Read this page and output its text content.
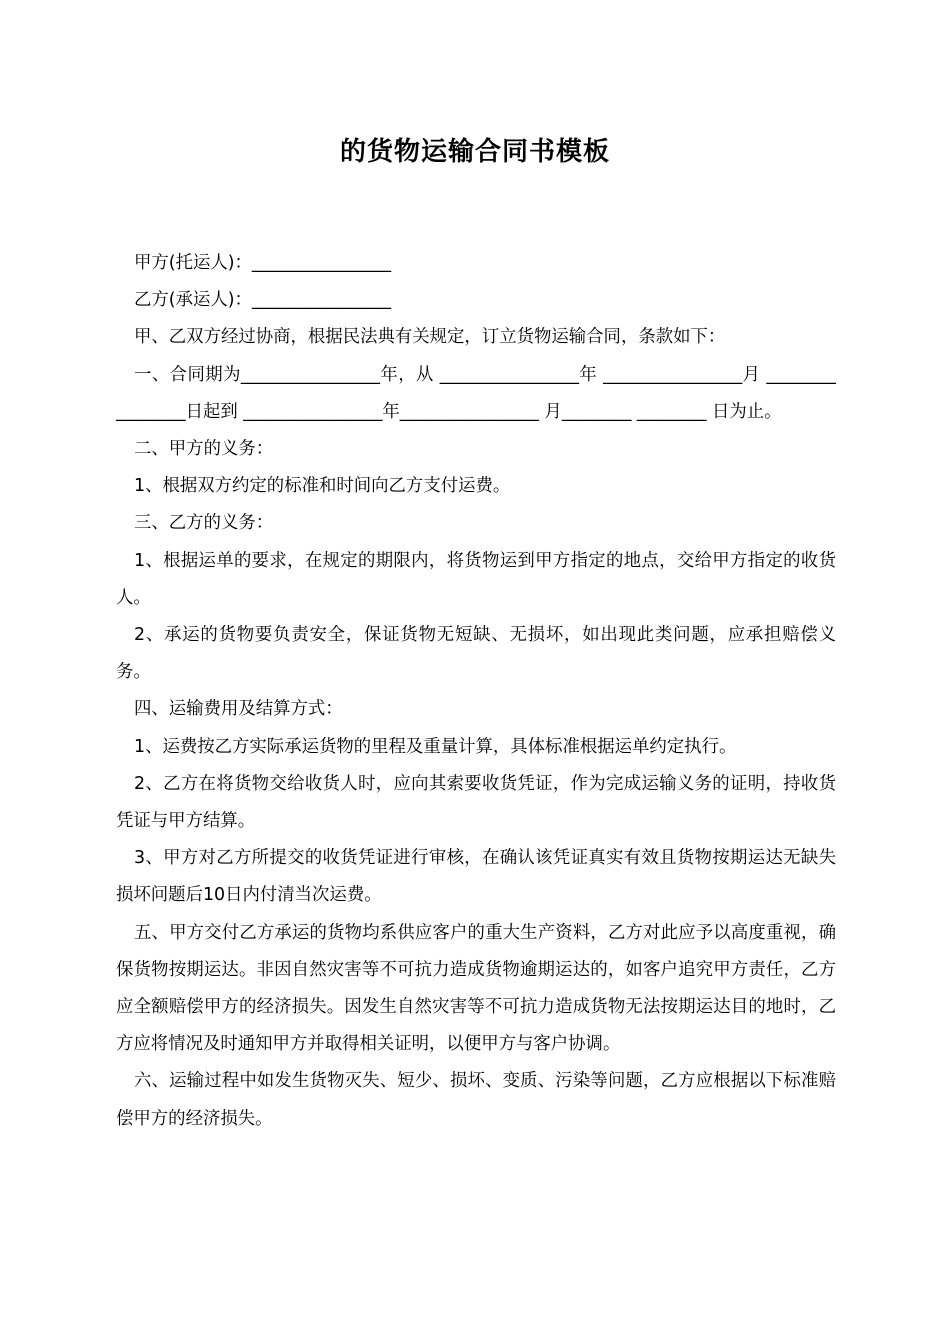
的货物运输合同书模板

甲方(托运人)：________________

乙方(承运人)：________________

甲、乙双方经过协商，根据民法典有关规定，订立货物运输合同，条款如下：

一、合同期为________________年，从 ________________年 ________________月 ________________日起到 ________________年________________ 月________ ________ 日为止。

二、甲方的义务：

1、根据双方约定的标准和时间向乙方支付运费。

三、乙方的义务：

1、根据运单的要求，在规定的期限内，将货物运到甲方指定的地点，交给甲方指定的收货人。

2、承运的货物要负责安全，保证货物无短缺、无损坏，如出现此类问题，应承担赔偿义务。

四、运输费用及结算方式：

1、运费按乙方实际承运货物的里程及重量计算，具体标准根据运单约定执行。

2、乙方在将货物交给收货人时，应向其索要收货凭证，作为完成运输义务的证明，持收货凭证与甲方结算。

3、甲方对乙方所提交的收货凭证进行审核，在确认该凭证真实有效且货物按期运达无缺失损坏问题后10日内付清当次运费。

五、甲方交付乙方承运的货物均系供应客户的重大生产资料，乙方对此应予以高度重视，确保货物按期运达。非因自然灾害等不可抗力造成货物逾期运达的，如客户追究甲方责任，乙方应全额赔偿甲方的经济损失。因发生自然灾害等不可抗力造成货物无法按期运达目的地时，乙方应将情况及时通知甲方并取得相关证明，以便甲方与客户协调。

六、运输过程中如发生货物灭失、短少、损坏、变质、污染等问题，乙方应根据以下标准赔偿甲方的经济损失。
